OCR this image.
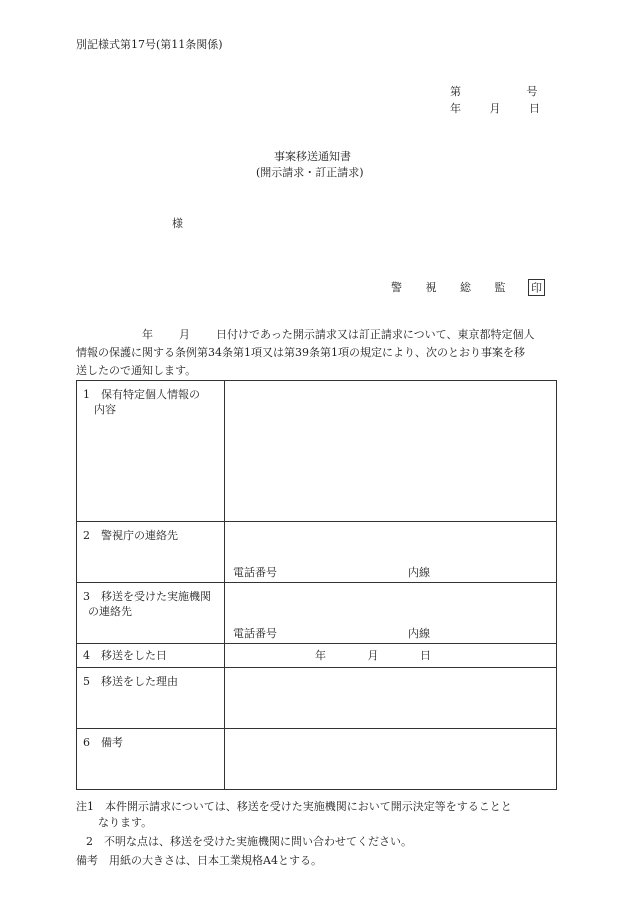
別記様式第17号(第11条関係)
第	号
年	月	日
事案移送通知書
(開示請求・訂正請求)
様
警 視 総 監 印
年 月 日付けであった開示請求又は訂正請求について、東京都特定個人
情報の保護に関する条例第34条第1項又は第39条第1項の規定により、次のとおり事案を移
送したので通知します。
1　保有特定個人情報の
内容	

2　警視庁の連絡先	電話番号 内線

3　移送を受けた実施機関
の連絡先	電話番号 内線

4　移送をした日	年 月 日

5　移送をした理由	

6　備考	

注1　本件開示請求については、移送を受けた実施機関において開示決定等をすることと
なります。
2　不明な点は、移送を受けた実施機関に問い合わせてください。
備考　用紙の大きさは、日本工業規格A4とする。
